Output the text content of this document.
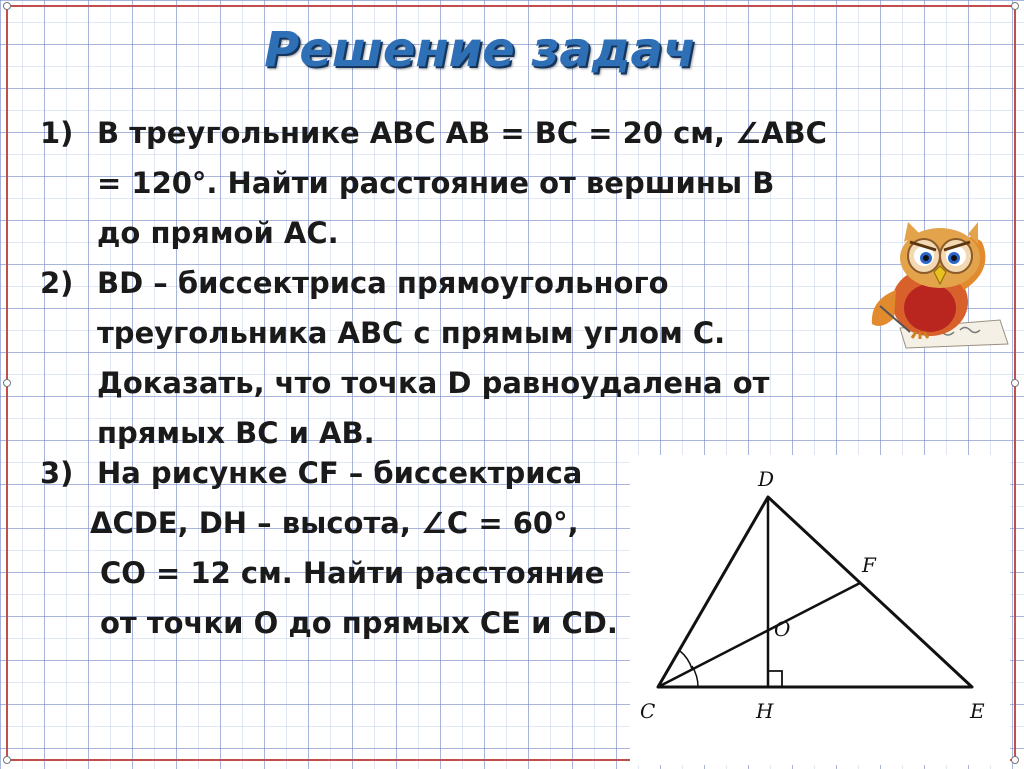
Решение задач
1) В треугольнике АВС АВ = ВС = 20 см, ∠АВС
= 120°. Найти расстояние от вершины В
до прямой АС.
2) BD – биссектриса прямоугольного
треугольника АВС с прямым углом С.
Доказать, что точка D равноудалена от
прямых ВС и АВ.
3) На рисунке CF – биссектриса
ΔCDE, DH – высота, ∠С = 60°,
CO = 12 см. Найти расстояние
от точки О до прямых CE и CD.
D
F
O
C	H	E
